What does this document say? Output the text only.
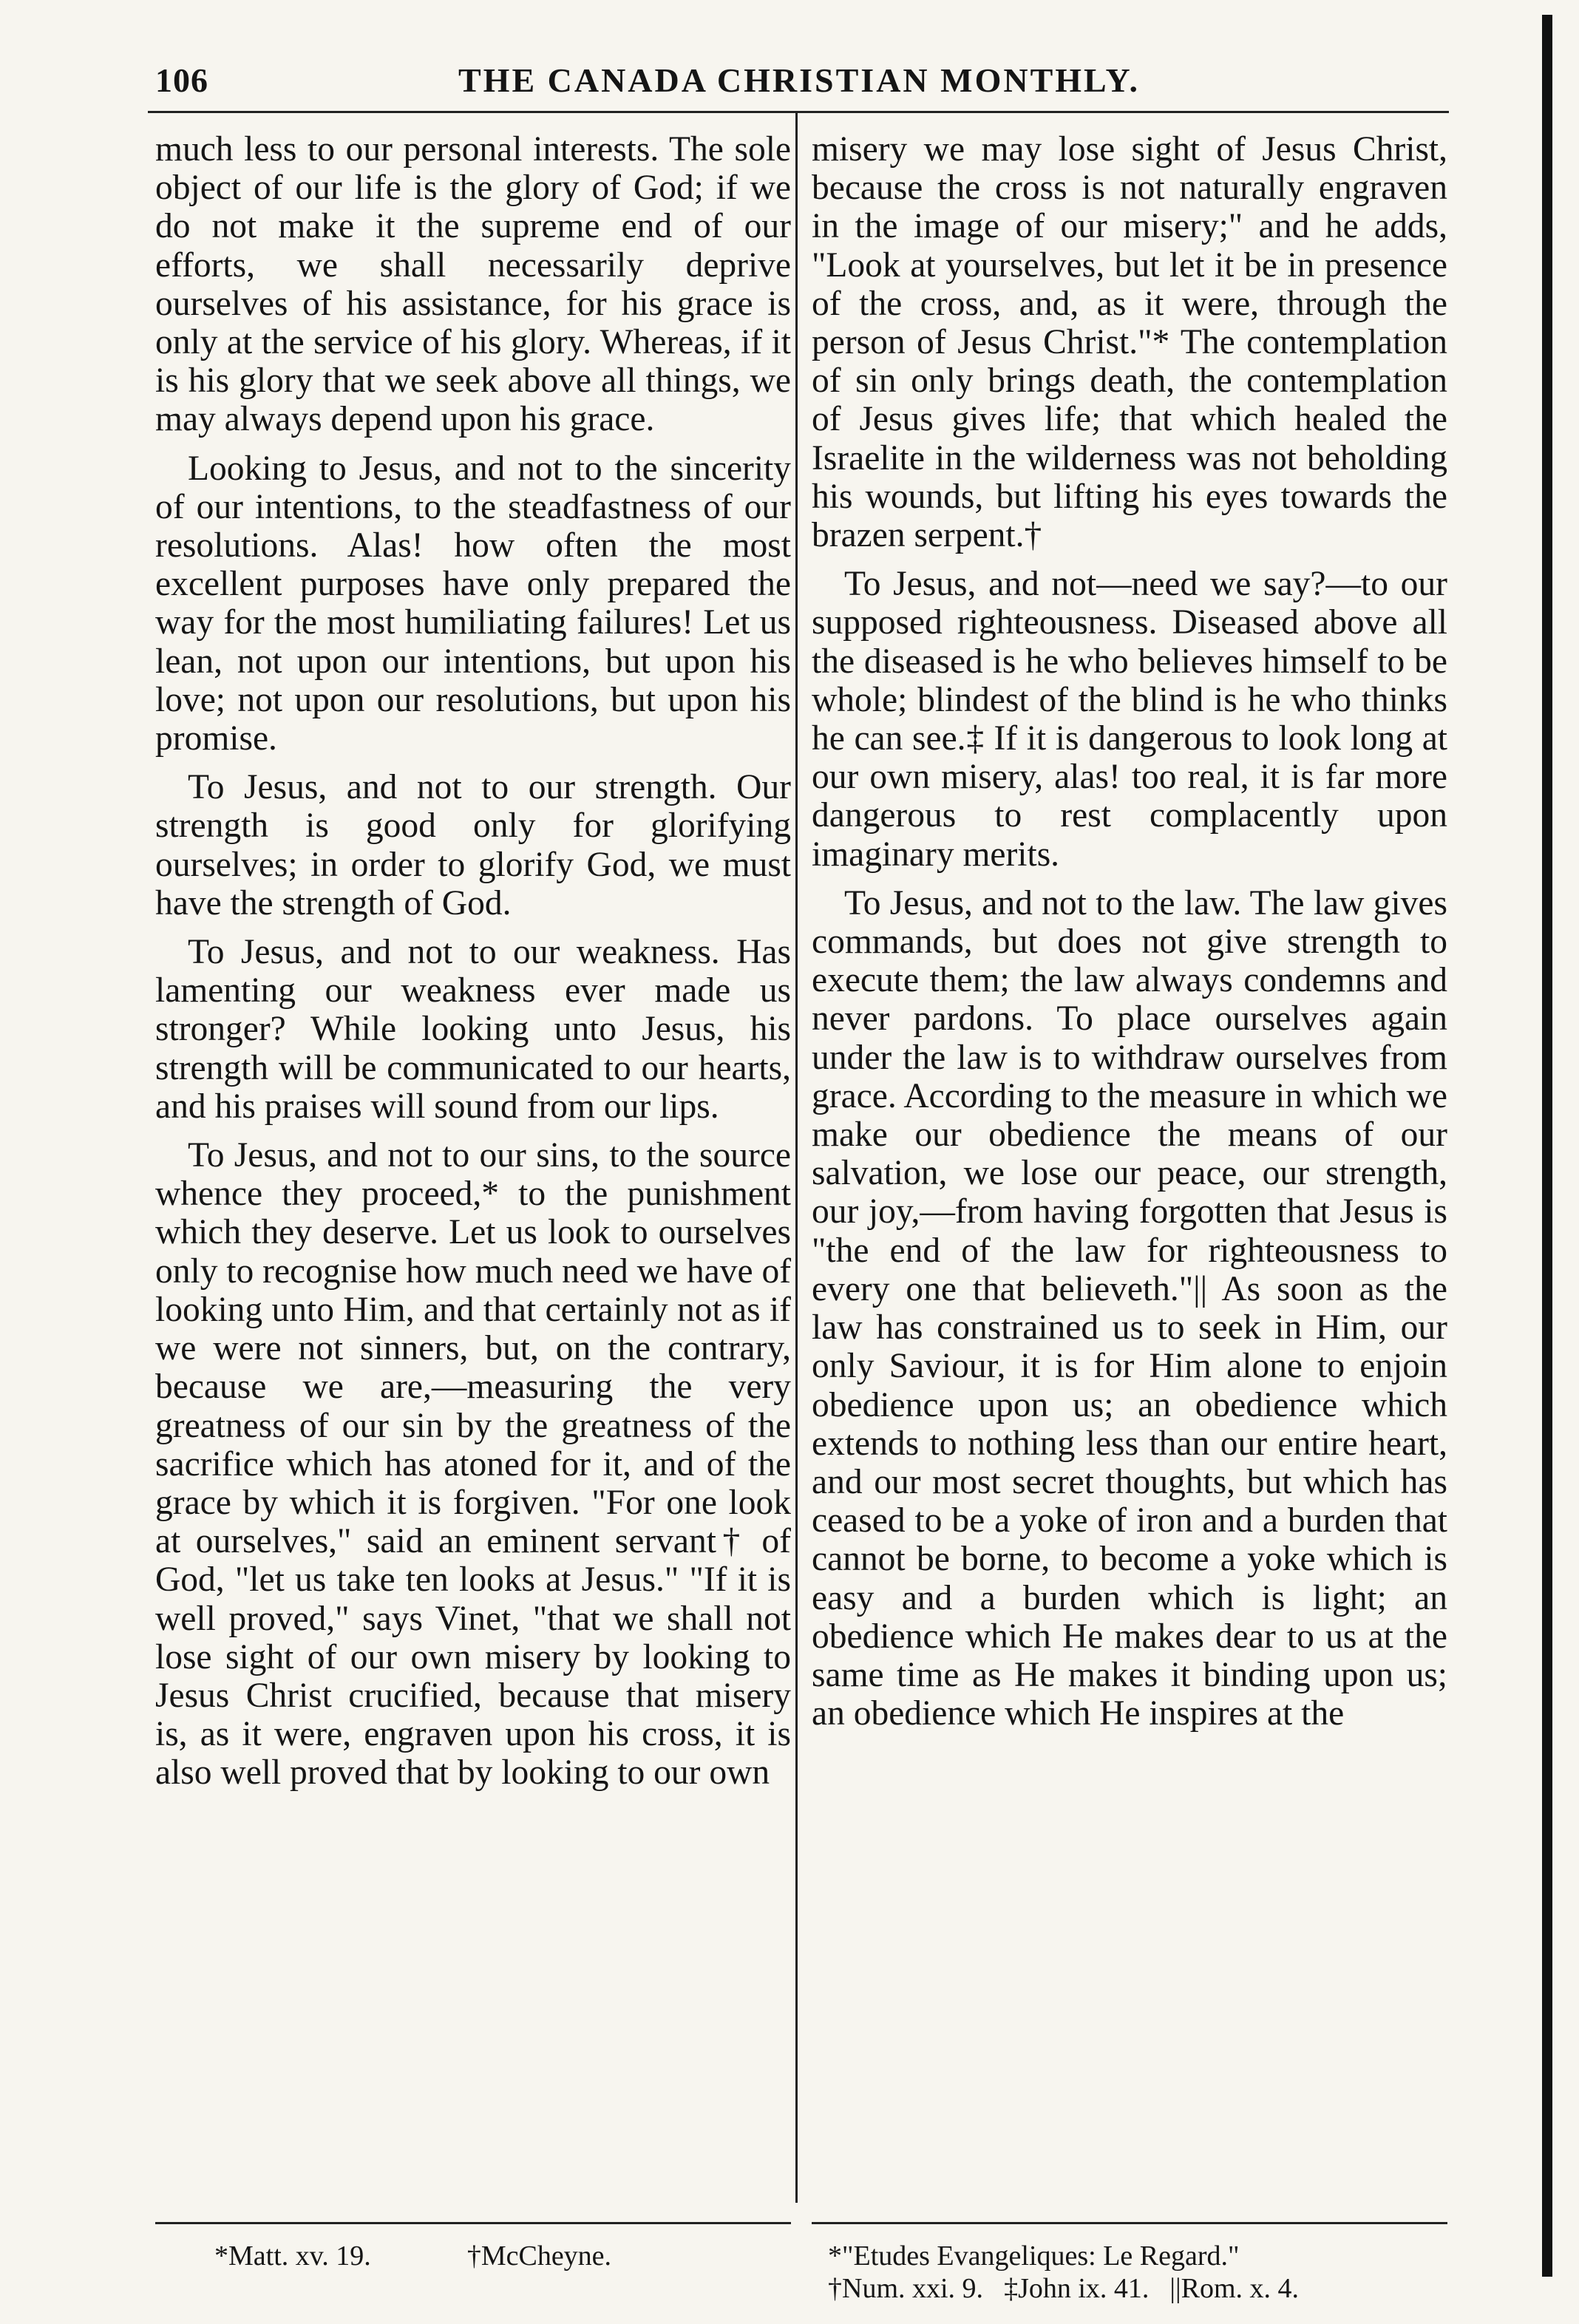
106	THE CANADA CHRISTIAN MONTHLY.

much less to our personal interests. The sole object of our life is the glory of God; if we do not make it the supreme end of our efforts, we shall necessarily deprive ourselves of his assistance, for his grace is only at the service of his glory. Whereas, if it is his glory that we seek above all things, we may always depend upon his grace.

Looking to Jesus, and not to the sincerity of our intentions, to the steadfastness of our resolutions. Alas! how often the most excellent purposes have only prepared the way for the most humiliating failures! Let us lean, not upon our intentions, but upon his love; not upon our resolutions, but upon his promise.

To Jesus, and not to our strength. Our strength is good only for glorifying ourselves; in order to glorify God, we must have the strength of God.

To Jesus, and not to our weakness. Has lamenting our weakness ever made us stronger? While looking unto Jesus, his strength will be communicated to our hearts, and his praises will sound from our lips.

To Jesus, and not to our sins, to the source whence they proceed,* to the punishment which they deserve. Let us look to ourselves only to recognise how much need we have of looking unto Him, and that certainly not as if we were not sinners, but, on the contrary, because we are,—measuring the very greatness of our sin by the greatness of the sacrifice which has atoned for it, and of the grace by which it is forgiven. "For one look at ourselves," said an eminent servant† of God, "let us take ten looks at Jesus." "If it is well proved," says Vinet, "that we shall not lose sight of our own misery by looking to Jesus Christ crucified, because that misery is, as it were, engraven upon his cross, it is also well proved that by looking to our own

misery we may lose sight of Jesus Christ, because the cross is not naturally engraven in the image of our misery;" and he adds, "Look at yourselves, but let it be in presence of the cross, and, as it were, through the person of Jesus Christ."* The contemplation of sin only brings death, the contemplation of Jesus gives life; that which healed the Israelite in the wilderness was not beholding his wounds, but lifting his eyes towards the brazen serpent.†

To Jesus, and not—need we say?—to our supposed righteousness. Diseased above all the diseased is he who believes himself to be whole; blindest of the blind is he who thinks he can see.‡ If it is dangerous to look long at our own misery, alas! too real, it is far more dangerous to rest complacently upon imaginary merits.

To Jesus, and not to the law. The law gives commands, but does not give strength to execute them; the law always condemns and never pardons. To place ourselves again under the law is to withdraw ourselves from grace. According to the measure in which we make our obedience the means of our salvation, we lose our peace, our strength, our joy,—from having forgotten that Jesus is "the end of the law for righteousness to every one that believeth."|| As soon as the law has constrained us to seek in Him, our only Saviour, it is for Him alone to enjoin obedience upon us; an obedience which extends to nothing less than our entire heart, and our most secret thoughts, but which has ceased to be a yoke of iron and a burden that cannot be borne, to become a yoke which is easy and a burden which is light; an obedience which He makes dear to us at the same time as He makes it binding upon us; an obedience which He inspires at the

*Matt. xv. 19.	†McCheyne.	*"Etudes Evangeliques: Le Regard."
†Num. xxi. 9. ‡John ix. 41. ||Rom. x. 4.
